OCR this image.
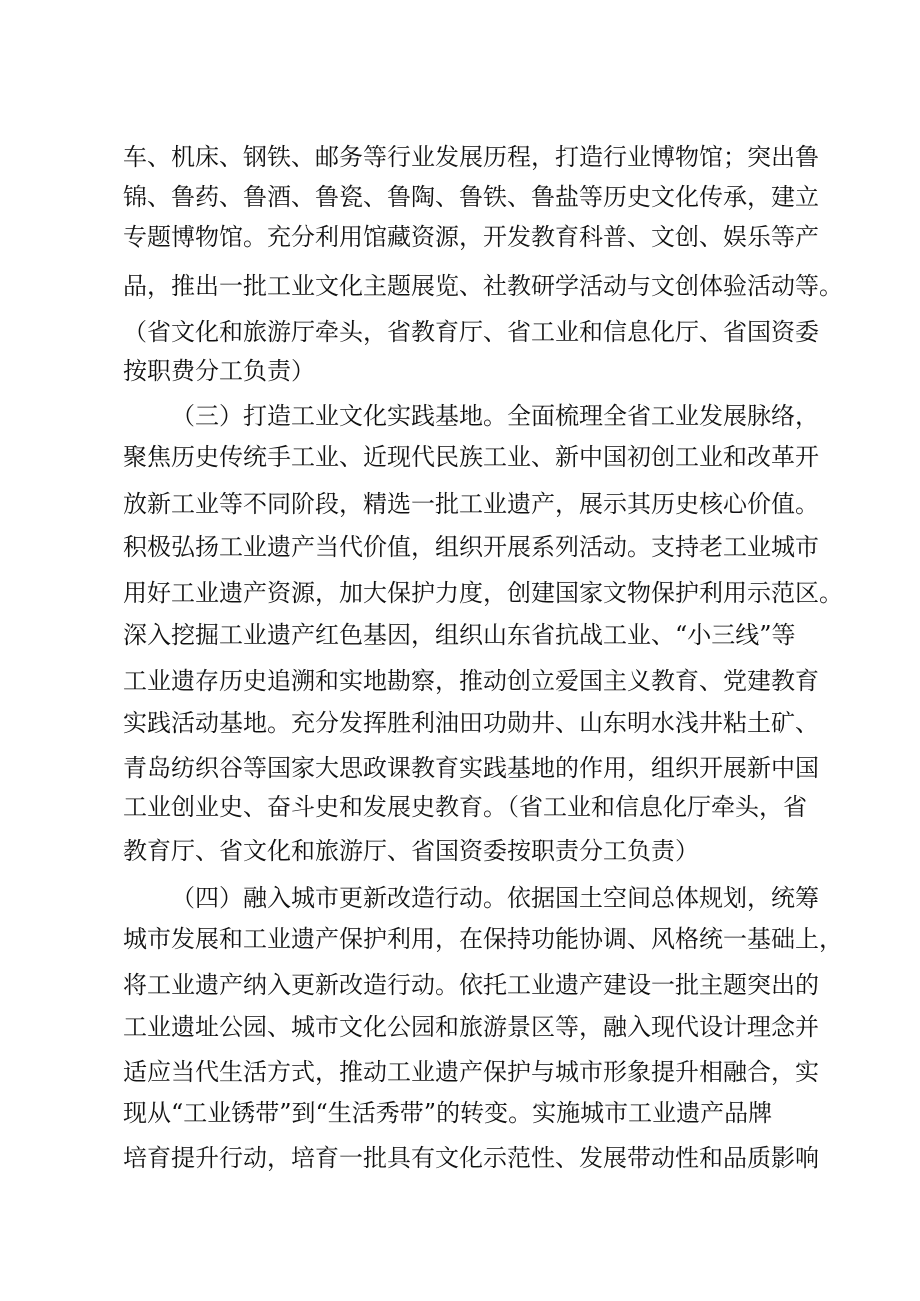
车、机床、钢铁、邮务等行业发展历程，打造行业博物馆；突出鲁
锦、鲁药、鲁酒、鲁瓷、鲁陶、鲁铁、鲁盐等历史文化传承，建立
专题博物馆。充分利用馆藏资源，开发教育科普、文创、娱乐等产
品，推出一批工业文化主题展览、社教研学活动与文创体验活动等。
（省文化和旅游厅牵头，省教育厅、省工业和信息化厅、省国资委
按职费分工负责）
（三）打造工业文化实践基地。全面梳理全省工业发展脉络，
聚焦历史传统手工业、近现代民族工业、新中国初创工业和改革开
放新工业等不同阶段，精选一批工业遗产，展示其历史核心价值。
积极弘扬工业遗产当代价值，组织开展系列活动。支持老工业城市
用好工业遗产资源，加大保护力度，创建国家文物保护利用示范区。
深入挖掘工业遗产红色基因，组织山东省抗战工业、“小三线”等
工业遗存历史追溯和实地勘察，推动创立爱国主义教育、党建教育
实践活动基地。充分发挥胜利油田功勋井、山东明水浅井粘土矿、
青岛纺织谷等国家大思政课教育实践基地的作用，组织开展新中国
工业创业史、奋斗史和发展史教育。（省工业和信息化厅牵头，省
教育厅、省文化和旅游厅、省国资委按职责分工负责）
（四）融入城市更新改造行动。依据国土空间总体规划，统筹
城市发展和工业遗产保护利用，在保持功能协调、风格统一基础上，
将工业遗产纳入更新改造行动。依托工业遗产建设一批主题突出的
工业遗址公园、城市文化公园和旅游景区等，融入现代设计理念并
适应当代生活方式，推动工业遗产保护与城市形象提升相融合，实
现从“工业锈带”到“生活秀带”的转变。实施城市工业遗产品牌
培育提升行动，培育一批具有文化示范性、发展带动性和品质影响
